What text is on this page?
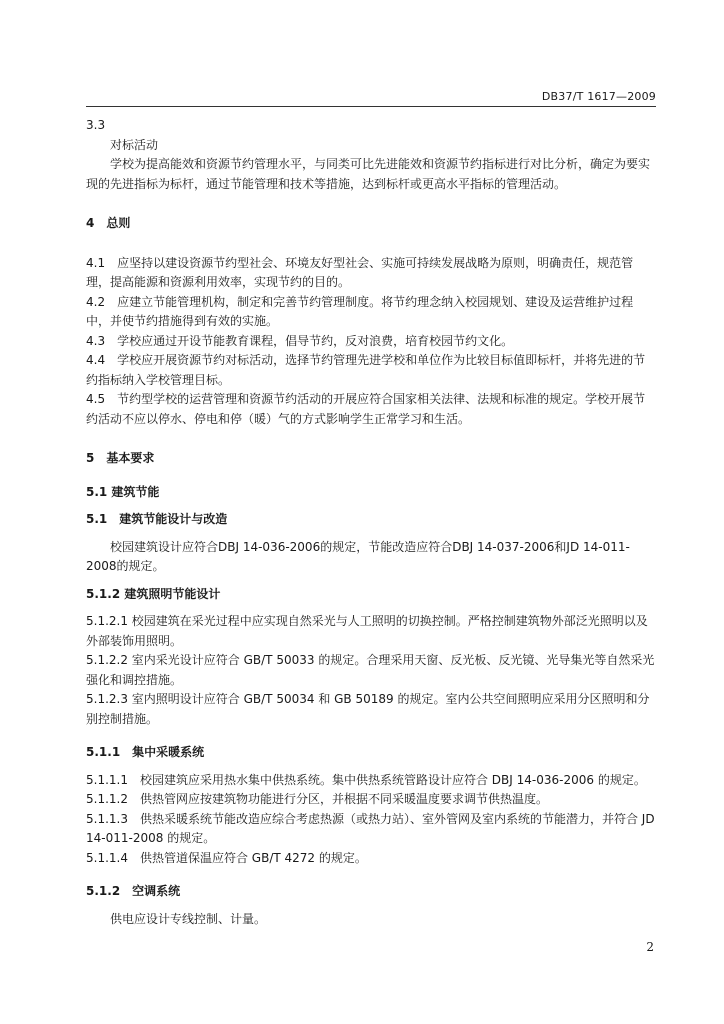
DB37/T 1617—2009

3.3

对标活动

学校为提高能效和资源节约管理水平，与同类可比先进能效和资源节约指标进行对比分析，确定为要实现的先进指标为标杆，通过节能管理和技术等措施，达到标杆或更高水平指标的管理活动。

4 总则

4.1 应坚持以建设资源节约型社会、环境友好型社会、实施可持续发展战略为原则，明确责任，规范管理，提高能源和资源利用效率，实现节约的目的。

4.2 应建立节能管理机构，制定和完善节约管理制度。将节约理念纳入校园规划、建设及运营维护过程中，并使节约措施得到有效的实施。

4.3 学校应通过开设节能教育课程，倡导节约，反对浪费，培育校园节约文化。

4.4 学校应开展资源节约对标活动，选择节约管理先进学校和单位作为比较目标值即标杆，并将先进的节约指标纳入学校管理目标。

4.5 节约型学校的运营管理和资源节约活动的开展应符合国家相关法律、法规和标准的规定。学校开展节约活动不应以停水、停电和停（暖）气的方式影响学生正常学习和生活。

5 基本要求

5.1 建筑节能

5.1 建筑节能设计与改造

校园建筑设计应符合DBJ 14-036-2006的规定，节能改造应符合DBJ 14-037-2006和JD 14-011-2008的规定。

5.1.2 建筑照明节能设计

5.1.2.1 校园建筑在采光过程中应实现自然采光与人工照明的切换控制。严格控制建筑物外部泛光照明以及外部装饰用照明。

5.1.2.2 室内采光设计应符合 GB/T 50033 的规定。合理采用天窗、反光板、反光镜、光导集光等自然采光强化和调控措施。

5.1.2.3 室内照明设计应符合 GB/T 50034 和 GB 50189 的规定。室内公共空间照明应采用分区照明和分别控制措施。

5.1.1 集中采暖系统

5.1.1.1 校园建筑应采用热水集中供热系统。集中供热系统管路设计应符合 DBJ 14-036-2006 的规定。

5.1.1.2 供热管网应按建筑物功能进行分区，并根据不同采暖温度要求调节供热温度。

5.1.1.3 供热采暖系统节能改造应综合考虑热源（或热力站）、室外管网及室内系统的节能潜力，并符合 JD 14-011-2008 的规定。

5.1.1.4 供热管道保温应符合 GB/T 4272 的规定。

5.1.2 空调系统

供电应设计专线控制、计量。

2
